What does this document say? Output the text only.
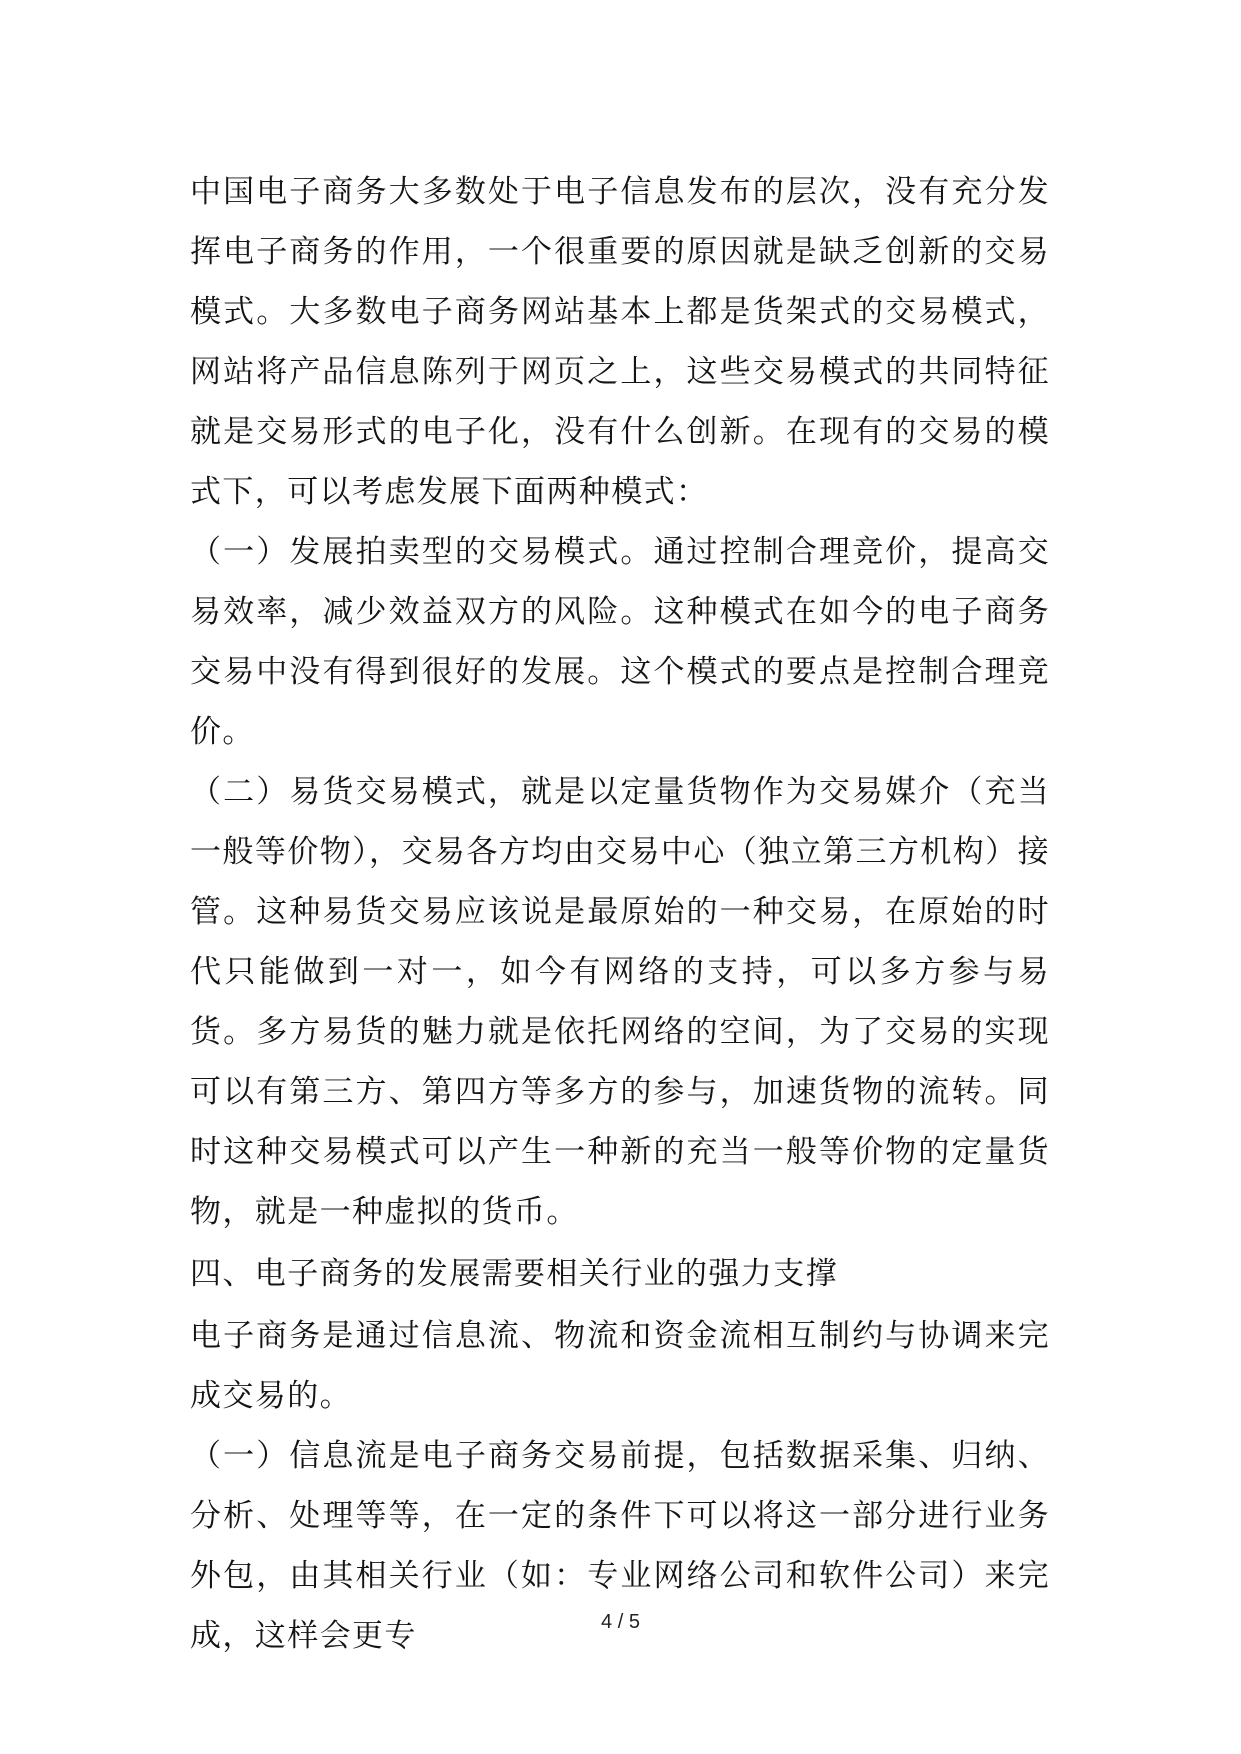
中国电子商务大多数处于电子信息发布的层次，没有充分发挥电子商务的作用，一个很重要的原因就是缺乏创新的交易模式。大多数电子商务网站基本上都是货架式的交易模式，网站将产品信息陈列于网页之上，这些交易模式的共同特征就是交易形式的电子化，没有什么创新。在现有的交易的模式下，可以考虑发展下面两种模式：

（一）发展拍卖型的交易模式。通过控制合理竞价，提高交易效率，减少效益双方的风险。这种模式在如今的电子商务交易中没有得到很好的发展。这个模式的要点是控制合理竞价。

（二）易货交易模式，就是以定量货物作为交易媒介（充当一般等价物），交易各方均由交易中心（独立第三方机构）接管。这种易货交易应该说是最原始的一种交易，在原始的时代只能做到一对一，如今有网络的支持，可以多方参与易货。多方易货的魅力就是依托网络的空间，为了交易的实现可以有第三方、第四方等多方的参与，加速货物的流转。同时这种交易模式可以产生一种新的充当一般等价物的定量货物，就是一种虚拟的货币。

四、电子商务的发展需要相关行业的强力支撑

电子商务是通过信息流、物流和资金流相互制约与协调来完成交易的。

（一）信息流是电子商务交易前提，包括数据采集、归纳、分析、处理等等，在一定的条件下可以将这一部分进行业务外包，由其相关行业（如：专业网络公司和软件公司）来完成，这样会更专	4 / 5
